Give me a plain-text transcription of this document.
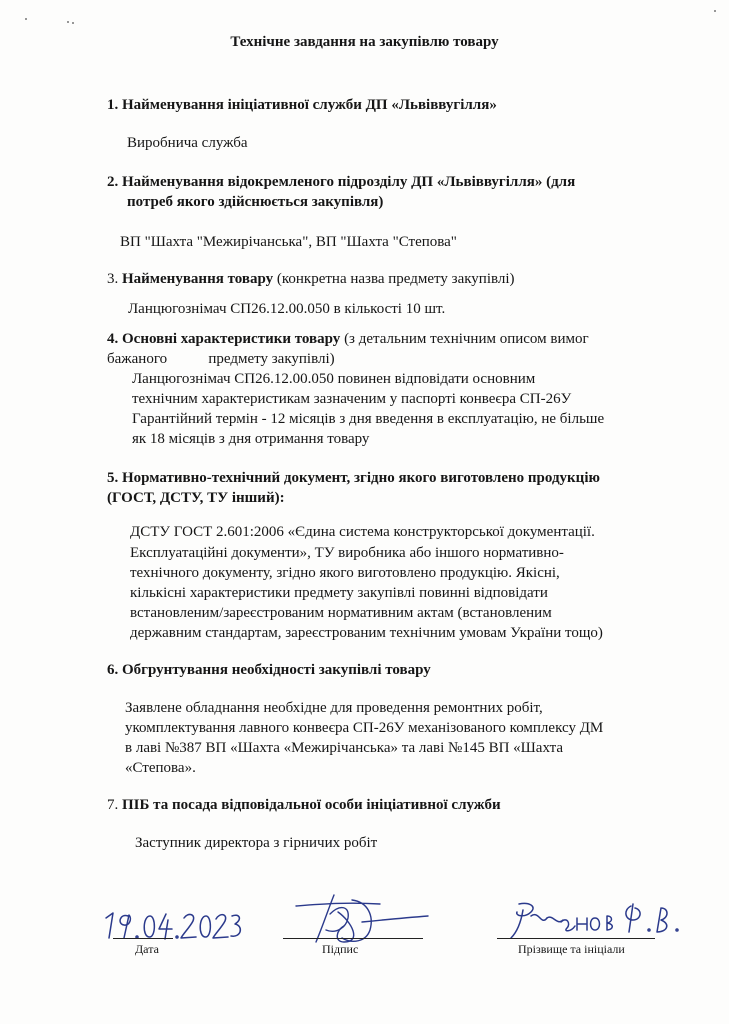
Технічне завдання на закупівлю товару
1. Найменування ініціативної служби ДП «Львіввугілля»
Виробнича служба
2. Найменування відокремленого підрозділу ДП «Львіввугілля» (для
потреб якого здійснюється закупівля)
ВП "Шахта "Межирічанська", ВП "Шахта "Степова"
3. Найменування товару (конкретна назва предмету закупівлі)
Ланцюгознімач СП26.12.00.050 в кількості 10 шт.
4. Основні характеристики товару (з детальним технічним описом вимог
бажаного           предмету закупівлі)
Ланцюгознімач СП26.12.00.050 повинен відповідати основним
технічним характеристикам зазначеним у паспорті конвеєра СП-26У
Гарантійний термін - 12 місяців з дня введення в експлуатацію, не більше
як 18 місяців з дня отримання товару
5. Нормативно-технічний документ, згідно якого виготовлено продукцію
(ГОСТ, ДСТУ, ТУ інший):
ДСТУ ГОСТ 2.601:2006 «Єдина система конструкторської документації.
Експлуатаційні документи», ТУ виробника або іншого нормативно-
технічного документу, згідно якого виготовлено продукцію. Якісні,
кількісні характеристики предмету закупівлі повинні відповідати
встановленим/зареєстрованим нормативним актам (встановленим
державним стандартам, зареєстрованим технічним умовам України тощо)
6. Обгрунтування необхідності закупівлі товару
Заявлене обладнання необхідне для проведення ремонтних робіт,
укомплектування лавного конвеєра СП-26У механізованого комплексу ДМ
в лаві №387 ВП «Шахта «Межирічанська» та лаві №145 ВП «Шахта
«Степова».
7. ПІБ та посада відповідальної особи ініціативної служби
Заступник директора з гірничих робіт
Дата	Підпис	Прізвище та ініціали
